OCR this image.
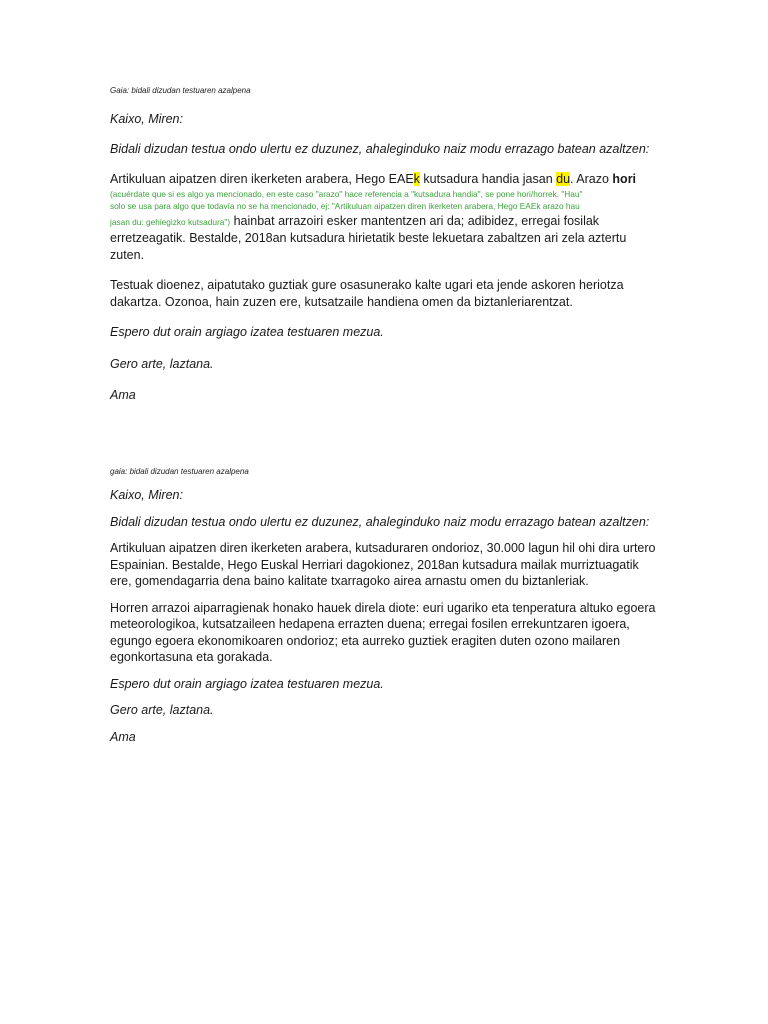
Gaia: bidali dizudan testuaren azalpena

Kaixo, Miren:

Bidali dizudan testua ondo ulertu ez duzunez, ahaleginduko naiz modu errazago batean azaltzen:

Artikuluan aipatzen diren ikerketen arabera, Hego EAEk kutsadura handia jasan du. Arazo hori
(acuérdate que si es algo ya mencionado, en este caso "arazo" hace referencia a "kutsadura handia", se pone hori/horrek. "Hau"
solo se usa para algo que todavía no se ha mencionado, ej: "Artikuluan aipatzen diren ikerketen arabera, Hego EAEk arazo hau
jasan du: gehiegizko kutsadura") hainbat arrazoiri esker mantentzen ari da; adibidez, erregai fosilak erretzeagatik. Bestalde, 2018an kutsadura hirietatik beste lekuetara zabaltzen ari zela aztertu zuten.

Testuak dioenez, aipatutako guztiak gure osasunerako kalte ugari eta jende askoren heriotza dakartza. Ozonoa, hain zuzen ere, kutsatzaile handiena omen da biztanleriarentzat.

Espero dut orain argiago izatea testuaren mezua.

Gero arte, laztana.

Ama

gaia: bidali dizudan testuaren azalpena

Kaixo, Miren:

Bidali dizudan testua ondo ulertu ez duzunez, ahaleginduko naiz modu errazago batean azaltzen:

Artikuluan aipatzen diren ikerketen arabera, kutsaduraren ondorioz, 30.000 lagun hil ohi dira urtero Espainian. Bestalde, Hego Euskal Herriari dagokionez, 2018an kutsadura mailak murriztuagatik ere, gomendagarria dena baino kalitate txarragoko airea arnastu omen du biztanleriak.

Horren arrazoi aiparragienak honako hauek direla diote: euri ugariko eta tenperatura altuko egoera meteorologikoa, kutsatzaileen hedapena errazten duena; erregai fosilen errekuntzaren igoera, egungo egoera ekonomikoaren ondorioz; eta aurreko guztiek eragiten duten ozono mailaren egonkortasuna eta gorakada.

Espero dut orain argiago izatea testuaren mezua.

Gero arte, laztana.

Ama
